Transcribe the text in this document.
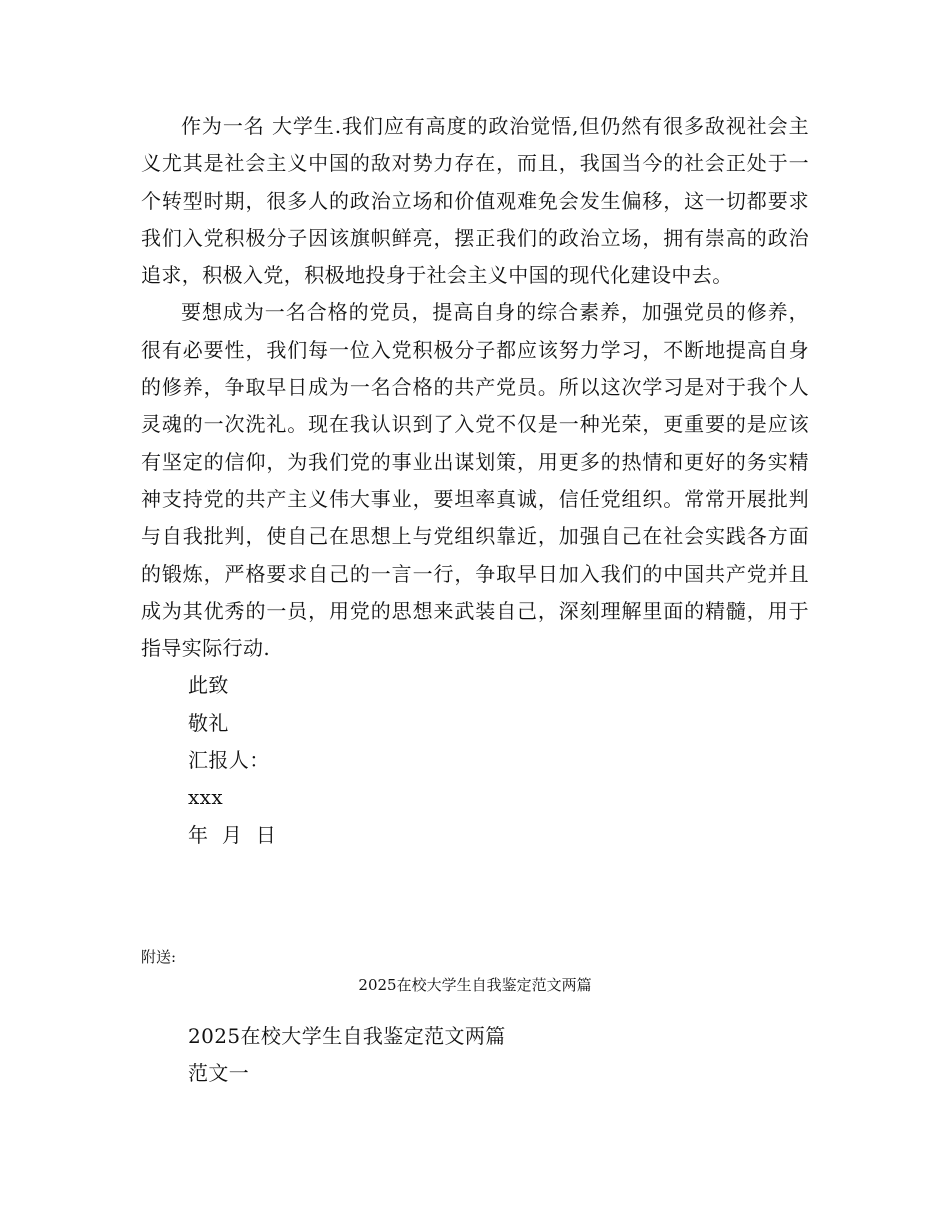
作为一名 大学生.我们应有高度的政治觉悟,但仍然有很多敌视社会主义尤其是社会主义中国的敌对势力存在，而且，我国当今的社会正处于一个转型时期，很多人的政治立场和价值观难免会发生偏移，这一切都要求我们入党积极分子因该旗帜鲜亮，摆正我们的政治立场，拥有崇高的政治追求，积极入党，积极地投身于社会主义中国的现代化建设中去。

要想成为一名合格的党员，提高自身的综合素养，加强党员的修养，很有必要性，我们每一位入党积极分子都应该努力学习，不断地提高自身的修养，争取早日成为一名合格的共产党员。所以这次学习是对于我个人灵魂的一次洗礼。现在我认识到了入党不仅是一种光荣，更重要的是应该有坚定的信仰，为我们党的事业出谋划策，用更多的热情和更好的务实精神支持党的共产主义伟大事业，要坦率真诚，信任党组织。常常开展批判与自我批判，使自己在思想上与党组织靠近，加强自己在社会实践各方面的锻炼，严格要求自己的一言一行，争取早日加入我们的中国共产党并且成为其优秀的一员，用党的思想来武装自己，深刻理解里面的精髓，用于指导实际行动.

此致

敬礼

汇报人：

xxx

年  月  日

附送:
2025在校大学生自我鉴定范文两篇

2025在校大学生自我鉴定范文两篇

范文一
